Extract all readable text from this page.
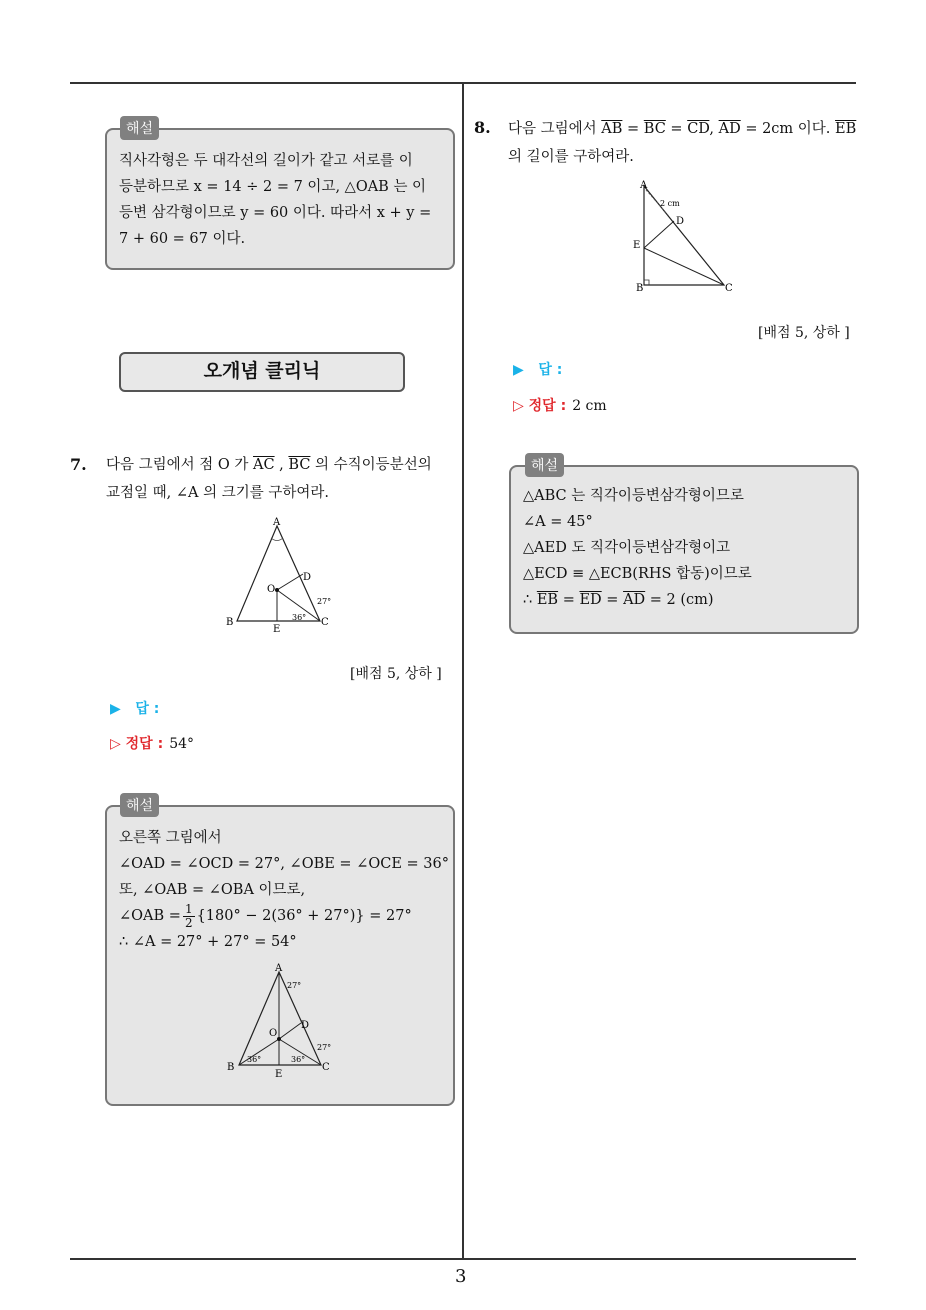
3
직사각형은 두 대각선의 길이가 같고 서로를 이
등분하므로 x = 14 ÷ 2 = 7 이고, △OAB 는 이
등변 삼각형이므로 y = 60 이다. 따라서 x + y =
7 + 60 = 67 이다.
해설
오개념 클리닉
7. 다음 그림에서 점 O 가 $\overline{AC}$ , $\overline{BC}$ 의 수직이등분선의
교점일 때, ∠A 의 크기를 구하여라.
A
B	C
D
E
O
27°
36°
[배점 5, 상하 ]
▶ 답 :
▷ 정답 : 54°
오른쪽 그림에서
∠OAD = ∠OCD = 27°, ∠OBE = ∠OCE = 36°
또, ∠OAB = ∠OBA 이므로,
∠OAB = $\frac{1}{2} \{180^\circ - 2(36^\circ + 27^\circ)\} = 27^\circ$
∴ ∠A = 27° + 27° = 54°
A
B	C
D
E
O
27°
27°
36°	36°
해설
8. 다음 그림에서 $\overline{AB} = \overline{BC} = \overline{CD}$, $\overline{AD} = 2cm$ 이다. $\overline{EB}$
의 길이를 구하여라.
A
B	C
D
E
2 cm
[배점 5, 상하 ]
▶ 답 :
▷ 정답 : 2 cm
△ABC 는 직각이등변삼각형이므로
∠A = 45°
△AED 도 직각이등변삼각형이고
△ECD ≡ △ECB(RHS 합동)이므로
∴ $\overline{EB} = \overline{ED} = \overline{AD} = 2$ (cm)
해설
